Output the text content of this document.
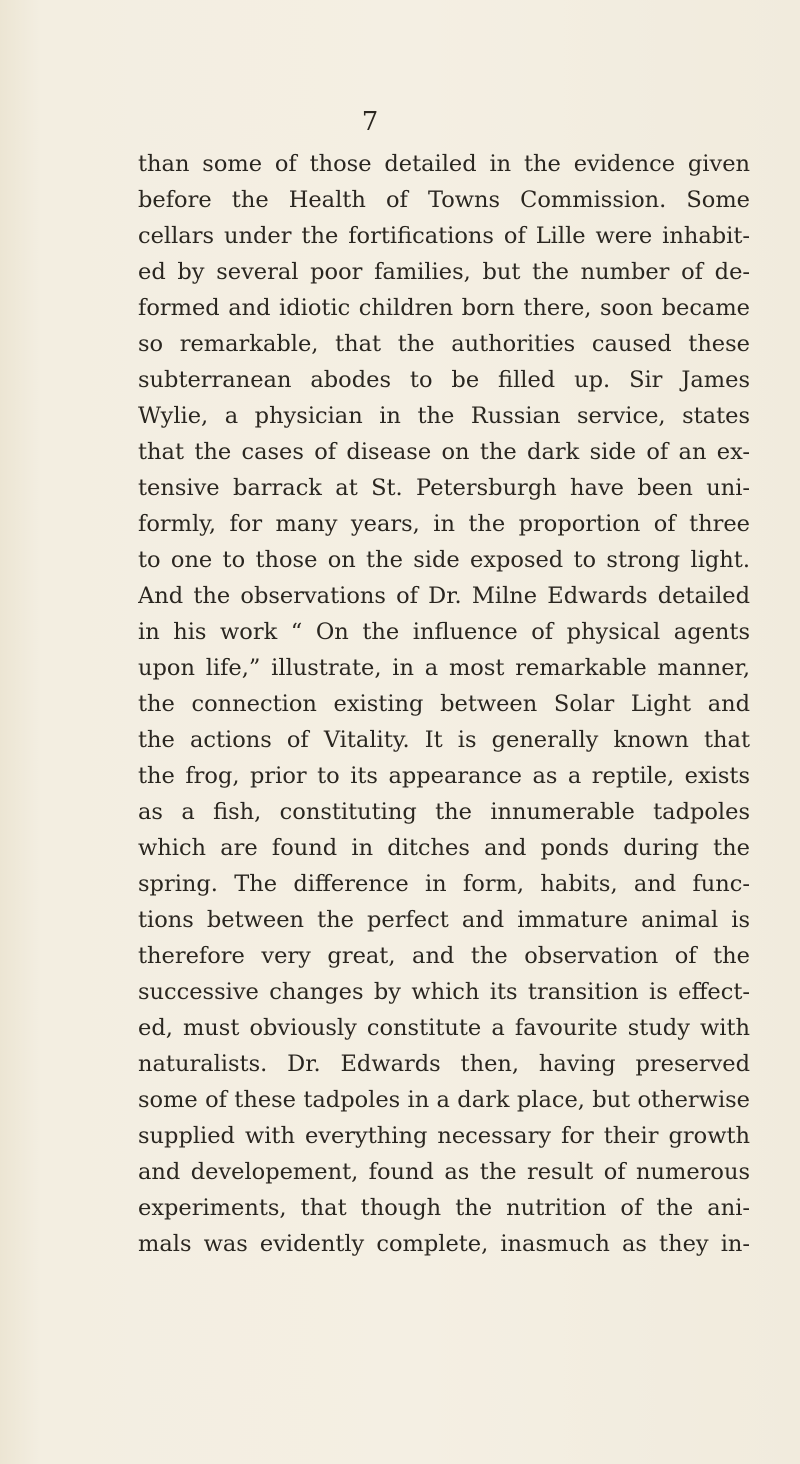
7
than some of those detailed in the evidence given
before the Health of Towns Commission. Some
cellars under the fortifications of Lille were inhabit-
ed by several poor families, but the number of de-
formed and idiotic children born there, soon became
so remarkable, that the authorities caused these
subterranean abodes to be filled up. Sir James
Wylie, a physician in the Russian service, states
that the cases of disease on the dark side of an ex-
tensive barrack at St. Petersburgh have been uni-
formly, for many years, in the proportion of three
to one to those on the side exposed to strong light.
And the observations of Dr. Milne Edwards detailed
in his work “ On the influence of physical agents
upon life,” illustrate, in a most remarkable manner,
the connection existing between Solar Light and
the actions of Vitality. It is generally known that
the frog, prior to its appearance as a reptile, exists
as a fish, constituting the innumerable tadpoles
which are found in ditches and ponds during the
spring. The difference in form, habits, and func-
tions between the perfect and immature animal is
therefore very great, and the observation of the
successive changes by which its transition is effect-
ed, must obviously constitute a favourite study with
naturalists. Dr. Edwards then, having preserved
some of these tadpoles in a dark place, but otherwise
supplied with everything necessary for their growth
and developement, found as the result of numerous
experiments, that though the nutrition of the ani-
mals was evidently complete, inasmuch as they in-
